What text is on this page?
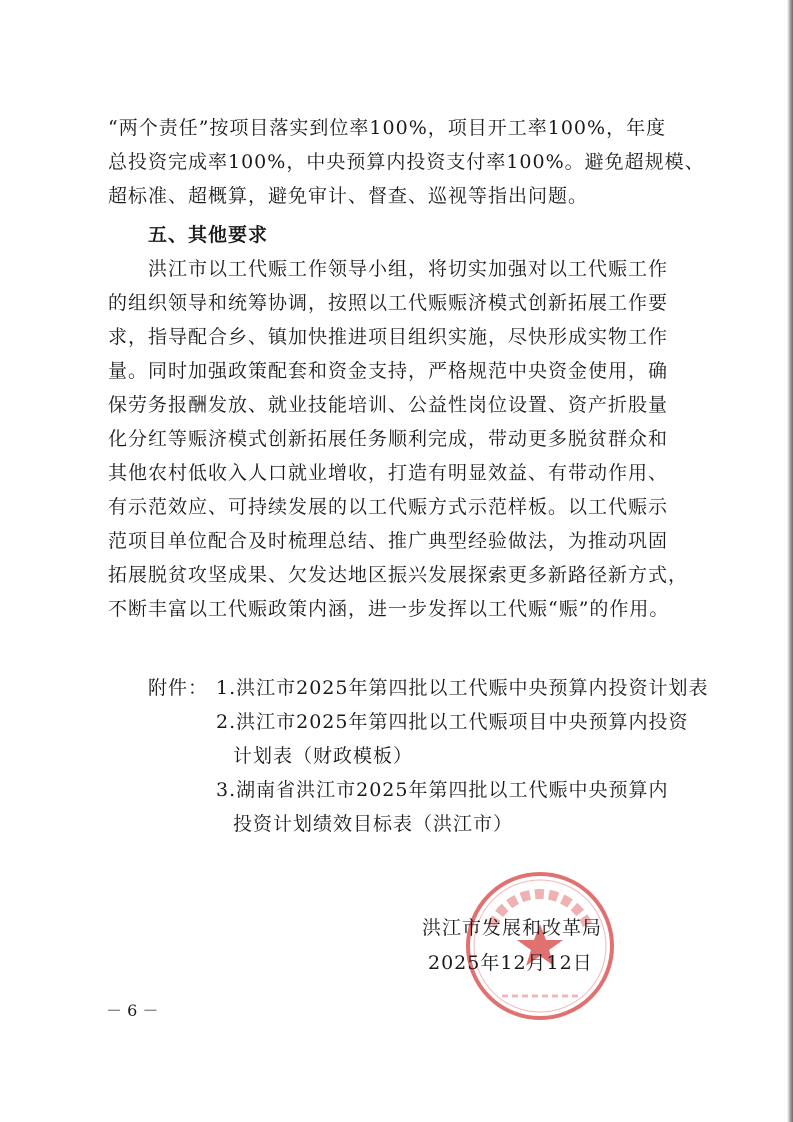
“两个责任”按项目落实到位率100%，项目开工率100%，年度
总投资完成率100%，中央预算内投资支付率100%。避免超规模、
超标准、超概算，避免审计、督查、巡视等指出问题。
五、其他要求
洪江市以工代赈工作领导小组，将切实加强对以工代赈工作
的组织领导和统筹协调，按照以工代赈赈济模式创新拓展工作要
求，指导配合乡、镇加快推进项目组织实施，尽快形成实物工作
量。同时加强政策配套和资金支持，严格规范中央资金使用，确
保劳务报酬发放、就业技能培训、公益性岗位设置、资产折股量
化分红等赈济模式创新拓展任务顺利完成，带动更多脱贫群众和
其他农村低收入人口就业增收，打造有明显效益、有带动作用、
有示范效应、可持续发展的以工代赈方式示范样板。以工代赈示
范项目单位配合及时梳理总结、推广典型经验做法，为推动巩固
拓展脱贫攻坚成果、欠发达地区振兴发展探索更多新路径新方式，
不断丰富以工代赈政策内涵，进一步发挥以工代赈“赈”的作用。
附件： 1.洪江市2025年第四批以工代赈中央预算内投资计划表
2.洪江市2025年第四批以工代赈项目中央预算内投资
计划表（财政模板）
3.湖南省洪江市2025年第四批以工代赈中央预算内
投资计划绩效目标表（洪江市）
洪江市发展和改革局
2025年12月12日
－ 6 －
